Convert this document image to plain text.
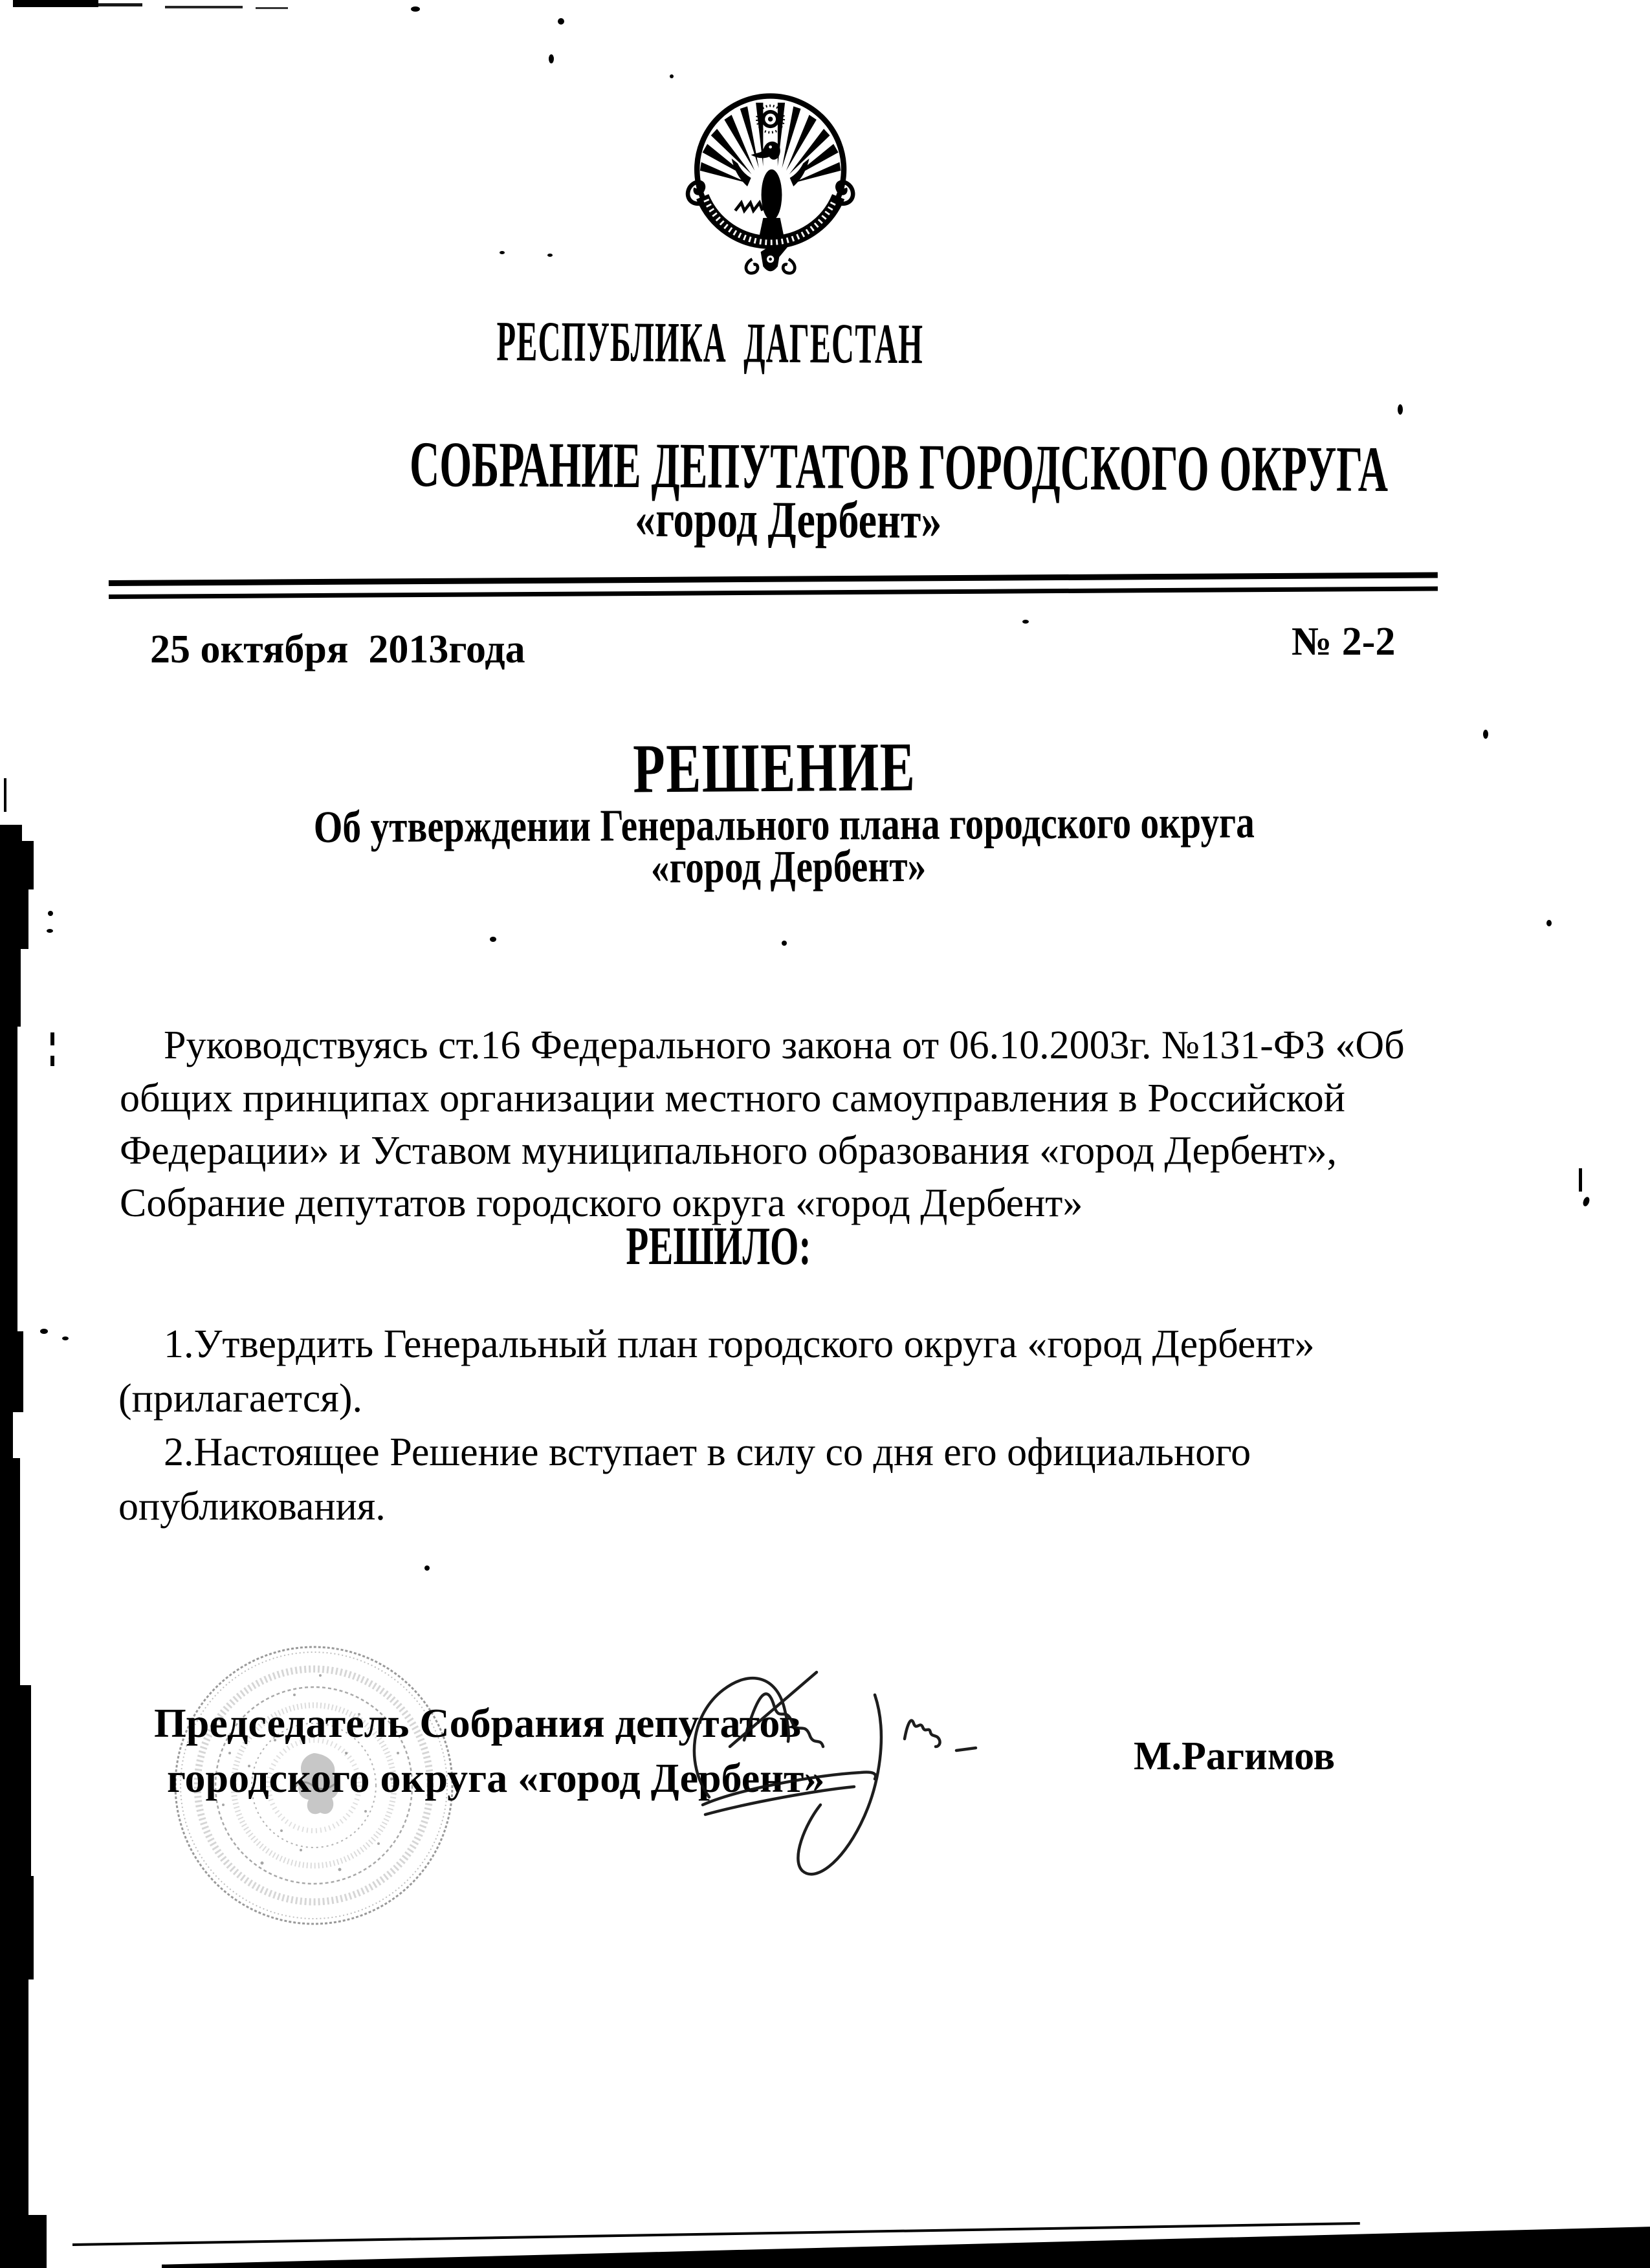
РЕСПУБЛИКА  ДАГЕСТАН
СОБРАНИЕ ДЕПУТАТОВ ГОРОДСКОГО ОКРУГА
«город Дербент»
25 октября  2013года	№ 2-2
РЕШЕНИЕ
Об утверждении Генерального плана городского округа
«город Дербент»
Руководствуясь ст.16 Федерального закона от 06.10.2003г. №131-ФЗ «Об
общих принципах организации местного самоуправления в Российской
Федерации» и Уставом муниципального образования «город Дербент»,
Собрание депутатов городского округа «город Дербент»
РЕШИЛО:
1.Утвердить Генеральный план городского округа «город Дербент»
(прилагается).
2.Настоящее Решение вступает в силу со дня его официального
опубликования.
Председатель Собрания депутатов
городского округа «город Дербент»	М.Рагимов
